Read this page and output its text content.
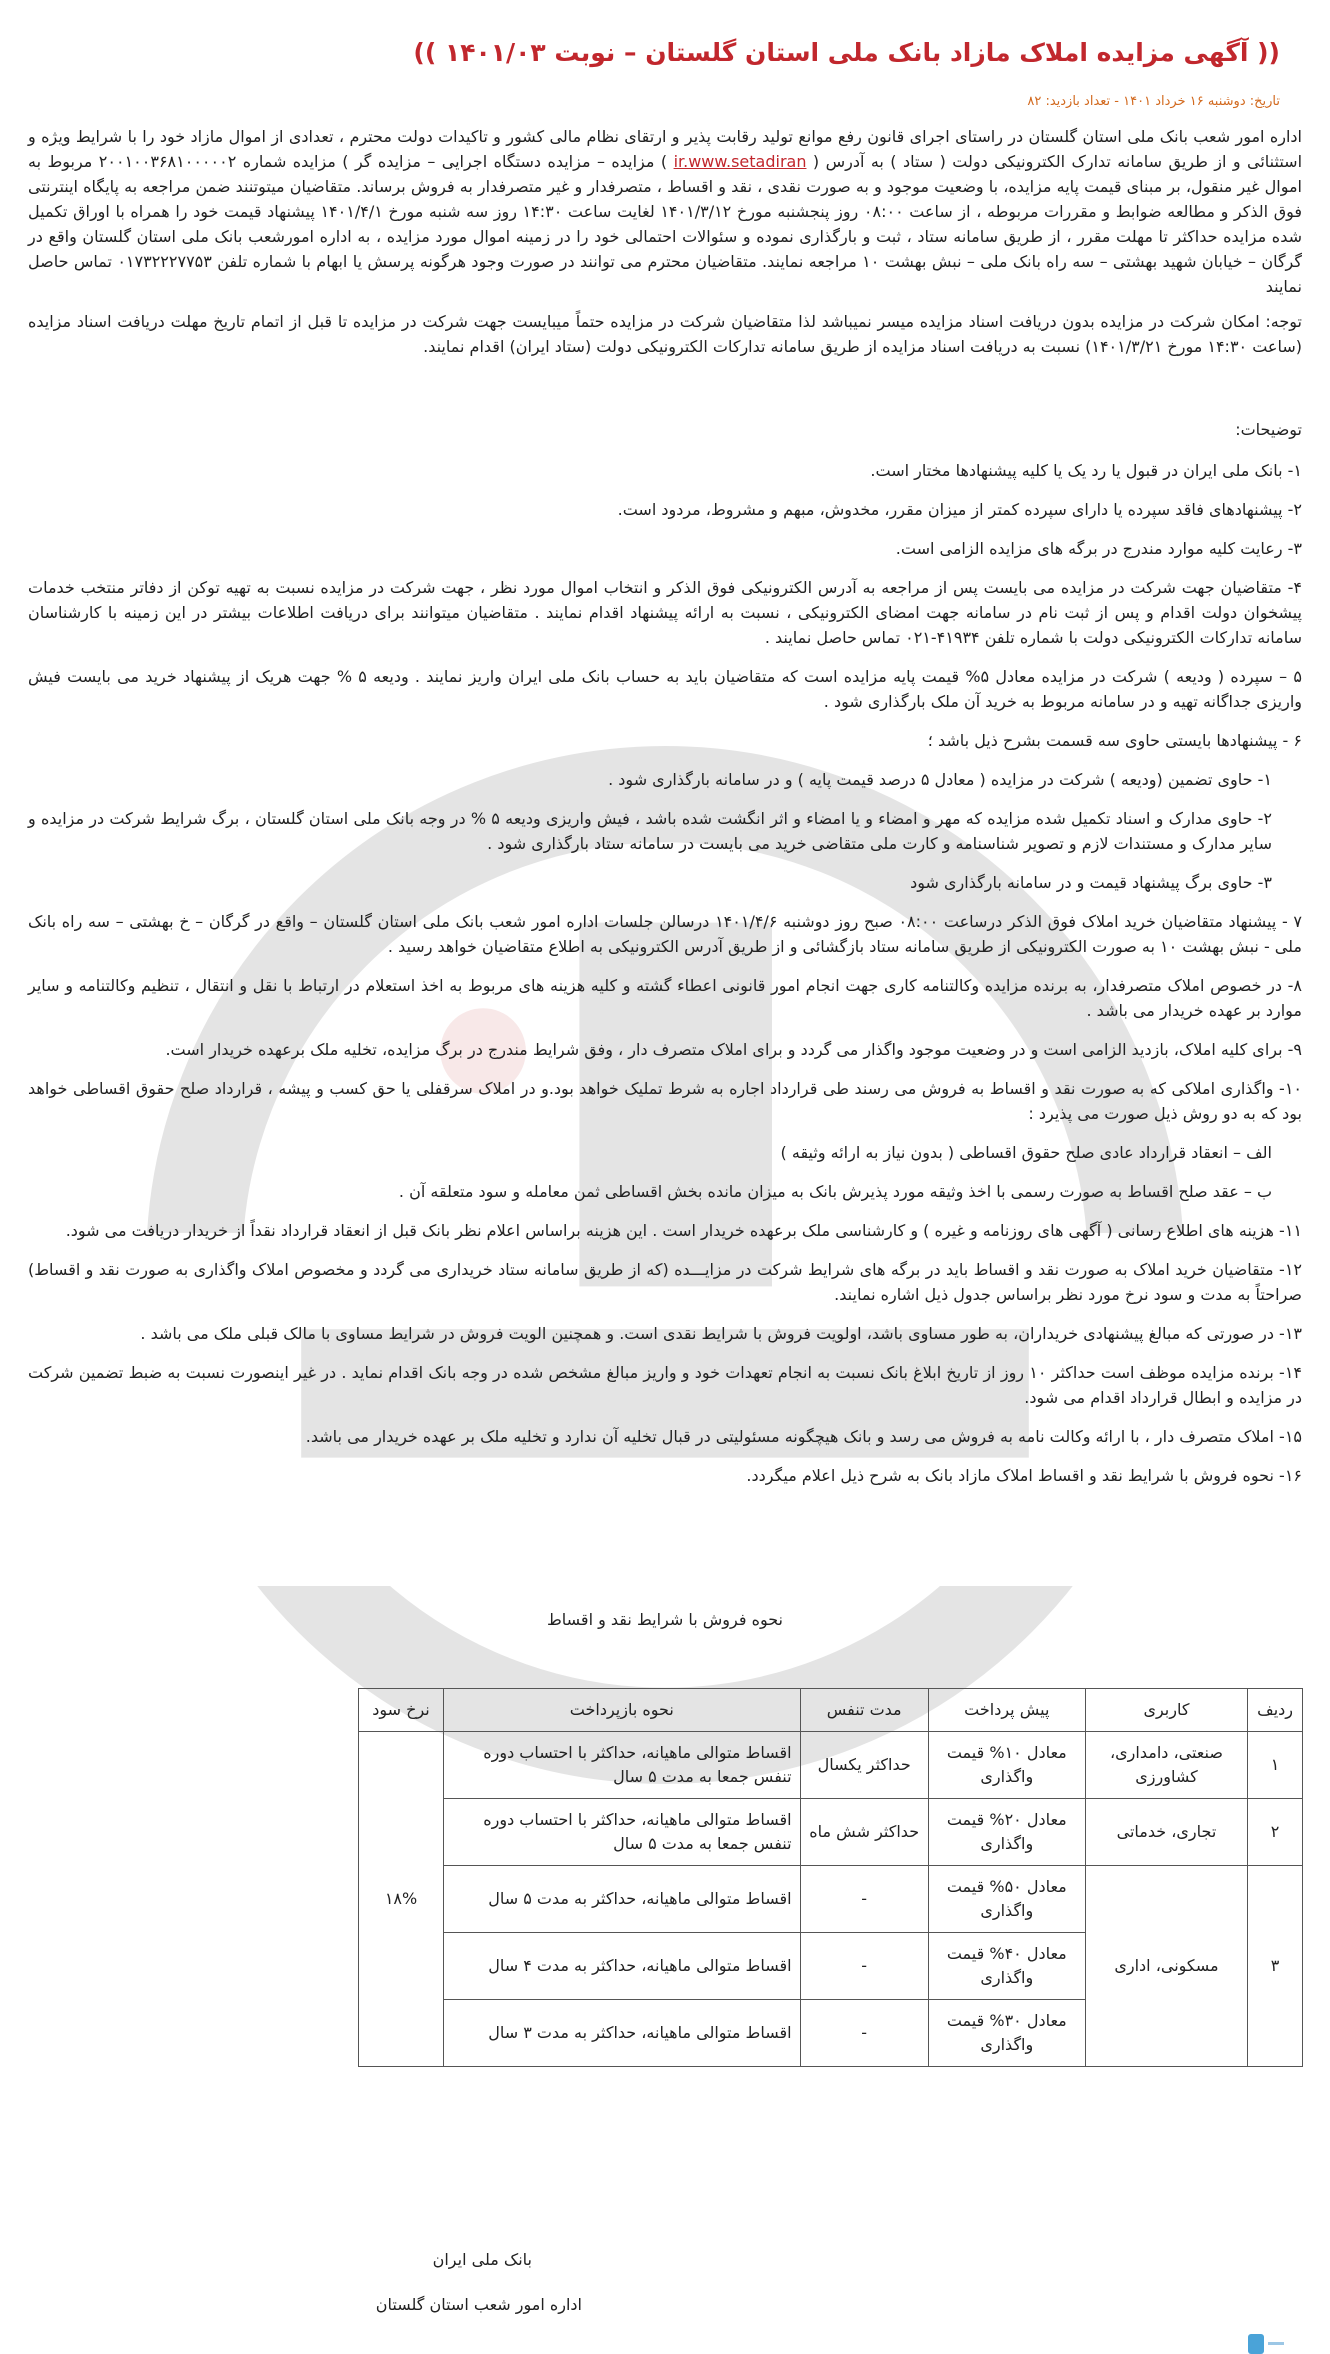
(( آگهی مزایده املاک مازاد بانک ملی استان گلستان – نوبت ۱۴۰۱/۰۳ ))
تاریخ: دوشنبه ۱۶ خرداد ۱۴۰۱ - تعداد بازدید: ۸۲

اداره امور شعب بانک ملی استان گلستان در راستای اجرای قانون رفع موانع تولید رقابت پذیر و ارتقای نظام مالی کشور و تاکیدات دولت محترم ، تعدادی از اموال مازاد خود را با شرایط ویژه و استثنائی و از طریق سامانه تدارک الکترونیکی دولت ( ستاد ) به آدرس ( ir.www.setadiran ) مزایده – مزایده دستگاه اجرایی – مزایده گر ) مزایده شماره ۲۰۰۱۰۰۳۶۸۱۰۰۰۰۰۲ مربوط به اموال غیر منقول، بر مبنای قیمت پایه مزایده، با وضعیت موجود و به صورت نقدی ، نقد و اقساط ، متصرفدار و غیر متصرفدار به فروش برساند. متقاضیان میتوتنند ضمن مراجعه به پایگاه اینترنتی فوق الذکر و مطالعه ضوابط و مقررات مربوطه ، از ساعت ۰۸:۰۰ روز پنجشنبه مورخ ۱۴۰۱/۳/۱۲ لغایت ساعت ۱۴:۳۰ روز سه شنبه مورخ ۱۴۰۱/۴/۱ پیشنهاد قیمت خود را همراه با اوراق تکمیل شده مزایده حداکثر تا مهلت مقرر ، از طریق سامانه ستاد ، ثبت و بارگذاری نموده و سئوالات احتمالی خود را در زمینه اموال مورد مزایده ، به اداره امورشعب بانک ملی استان گلستان واقع در گرگان – خیابان شهید بهشتی – سه راه بانک ملی – نبش بهشت ۱۰ مراجعه نمایند. متقاضیان محترم می توانند در صورت وجود هرگونه پرسش یا ابهام با شماره تلفن ۰۱۷۳۲۲۲۷۷۵۳ تماس حاصل نمایند

توجه: امکان شرکت در مزایده بدون دریافت اسناد مزایده میسر نمیباشد لذا متقاضیان شرکت در مزایده حتماً میبایست جهت شرکت در مزایده تا قبل از اتمام تاریخ مهلت دریافت اسناد مزایده (ساعت ۱۴:۳۰ مورخ ۱۴۰۱/۳/۲۱) نسبت به دریافت اسناد مزایده از طریق سامانه تدارکات الکترونیکی دولت (ستاد ایران) اقدام نمایند.

توضیحات:

۱- بانک ملی ایران در قبول یا رد یک یا کلیه پیشنهادها مختار است.

۲- پیشنهادهای فاقد سپرده یا دارای سپرده کمتر از میزان مقرر، مخدوش، مبهم و مشروط، مردود است.

۳- رعایت کلیه موارد مندرج در برگه های مزایده الزامی است.

۴- متقاضیان جهت شرکت در مزایده می بایست پس از مراجعه به آدرس الکترونیکی فوق الذکر و انتخاب اموال مورد نظر ، جهت شرکت در مزایده نسبت به تهیه توکن از دفاتر منتخب خدمات پیشخوان دولت اقدام و پس از ثبت نام در سامانه جهت امضای الکترونیکی ، نسبت به ارائه پیشنهاد اقدام نمایند . متقاضیان میتوانند برای دریافت اطلاعات بیشتر در این زمینه با کارشناسان سامانه تدارکات الکترونیکی دولت با شماره تلفن ۴۱۹۳۴-۰۲۱ تماس حاصل نمایند .

۵ – سپرده ( ودیعه ) شرکت در مزایده معادل ۵% قیمت پایه مزایده است که متقاضیان باید به حساب بانک ملی ایران واریز نمایند . ودیعه ۵ % جهت هریک از پیشنهاد خرید می بایست فیش واریزی جداگانه تهیه و در سامانه مربوط به خرید آن ملک بارگذاری شود .

۶ - پیشنهادها بایستی حاوی سه قسمت بشرح ذیل باشد ؛

۱- حاوی تضمین (ودیعه ) شرکت در مزایده ( معادل ۵ درصد قیمت پایه ) و در سامانه بارگذاری شود .

۲- حاوی مدارک و اسناد تکمیل شده مزایده که مهر و امضاء و یا امضاء و اثر انگشت شده باشد ، فیش واریزی ودیعه ۵ % در وجه بانک ملی استان گلستان ، برگ شرایط شرکت در مزایده و سایر مدارک و مستندات لازم و تصویر شناسنامه و کارت ملی متقاضی خرید می بایست در سامانه ستاد بارگذاری شود .

۳- حاوی برگ پیشنهاد قیمت و در سامانه بارگذاری شود

۷ - پیشنهاد متقاضیان خرید املاک فوق الذکر درساعت ۰۸:۰۰ صبح روز دوشنبه ۱۴۰۱/۴/۶ درسالن جلسات اداره امور شعب بانک ملی استان گلستان – واقع در گرگان – خ بهشتی – سه راه بانک ملی - نبش بهشت ۱۰ به صورت الکترونیکی از طریق سامانه ستاد بازگشائی و از طریق آدرس الکترونیکی به اطلاع متقاضیان خواهد رسید .

۸- در خصوص املاک متصرفدار، به برنده مزایده وکالتنامه کاری جهت انجام امور قانونی اعطاء گشته و کلیه هزینه های مربوط به اخذ استعلام در ارتباط با نقل و انتقال ، تنظیم وکالتنامه و سایر موارد بر عهده خریدار می باشد .

۹- برای کلیه املاک، بازدید الزامی است و در وضعیت موجود واگذار می گردد و برای املاک متصرف دار ، وفق شرایط مندرج در برگ مزایده، تخلیه ملک برعهده خریدار است.

۱۰- واگذاری املاکی که به صورت نقد و اقساط به فروش می رسند طی قرارداد اجاره به شرط تملیک خواهد بود.و در املاک سرقفلی یا حق کسب و پیشه ، قرارداد صلح حقوق اقساطی خواهد بود که به دو روش ذیل صورت می پذیرد :

الف – انعقاد قرارداد عادی صلح حقوق اقساطی ( بدون نیاز به ارائه وثیقه )

ب – عقد صلح اقساط به صورت رسمی با اخذ وثیقه مورد پذیرش بانک به میزان مانده بخش اقساطی ثمن معامله و سود متعلقه آن .

۱۱- هزینه های اطلاع رسانی ( آگهی های روزنامه و غیره ) و کارشناسی ملک برعهده خریدار است . این هزینه براساس اعلام نظر بانک قبل از انعقاد قرارداد نقداً از خریدار دریافت می شود.

۱۲- متقاضیان خرید املاک به صورت نقد و اقساط باید در برگه های شرایط شرکت در مزایـــده (که از طریق سامانه ستاد خریداری می گردد و مخصوص املاک واگذاری به صورت نقد و اقساط) صراحتاً به مدت و سود نرخ مورد نظر براساس جدول ذیل اشاره نمایند.

۱۳- در صورتی که مبالغ پیشنهادی خریداران، به طور مساوی باشد، اولویت فروش با شرایط نقدی است. و همچنین الویت فروش در شرایط مساوی با مالک قبلی ملک می باشد .

۱۴- برنده مزایده موظف است حداکثر ۱۰ روز از تاریخ ابلاغ بانک نسبت به انجام تعهدات خود و واریز مبالغ مشخص شده در وجه بانک اقدام نماید . در غیر اینصورت نسبت به ضبط تضمین شرکت در مزایده و ابطال قرارداد اقدام می شود.

۱۵- املاک متصرف دار ، با ارائه وکالت نامه به فروش می رسد و بانک هیچگونه مسئولیتی در قبال تخلیه آن ندارد و تخلیه ملک بر عهده خریدار می باشد.

۱۶- نحوه فروش با شرایط نقد و اقساط املاک مازاد بانک به شرح ذیل اعلام میگردد.

نحوه فروش با شرایط نقد و اقساط
ردیف	کاربری	پیش پرداخت	مدت تنفس	نحوه بازپرداخت	نرخ سود
۱	صنعتی، دامداری، کشاورزی	معادل ۱۰% قیمت واگذاری	حداکثر یکسال	اقساط متوالی ماهیانه، حداکثر با احتساب دوره تنفس جمعا به مدت ۵ سال	۱۸%
۲	تجاری، خدماتی	معادل ۲۰% قیمت واگذاری	حداکثر شش ماه	اقساط متوالی ماهیانه، حداکثر با احتساب دوره تنفس جمعا به مدت ۵ سال	
۳	مسکونی، اداری	معادل ۵۰% قیمت واگذاری	-	اقساط متوالی ماهیانه، حداکثر به مدت ۵ سال	
		معادل ۴۰% قیمت واگذاری	-	اقساط متوالی ماهیانه، حداکثر به مدت ۴ سال	
		معادل ۳۰% قیمت واگذاری	-	اقساط متوالی ماهیانه، حداکثر به مدت ۳ سال	
بانک ملی ایران
اداره امور شعب استان گلستان
